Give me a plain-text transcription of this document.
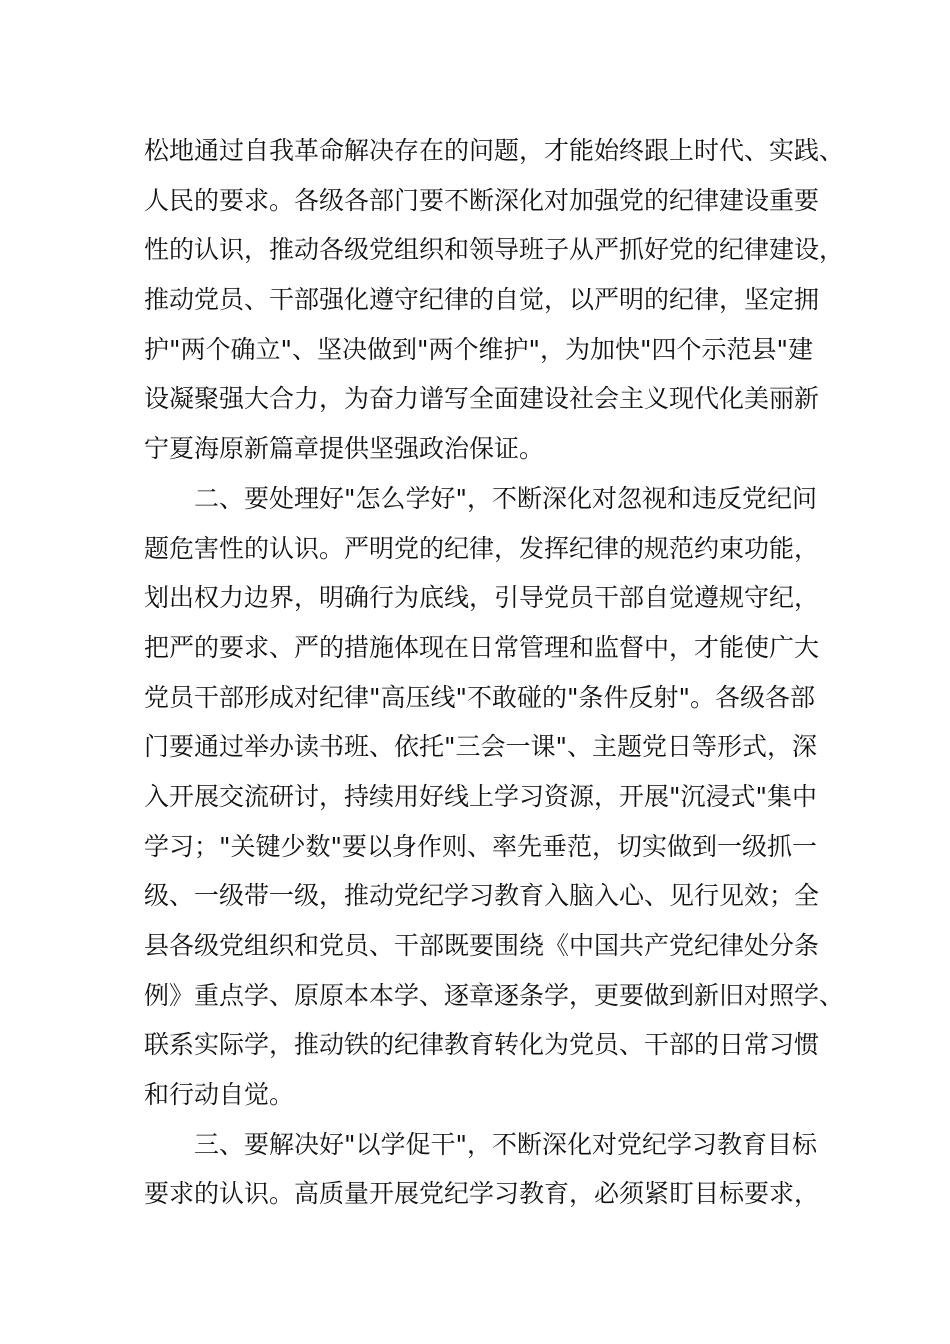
松地通过自我革命解决存在的问题，才能始终跟上时代、实践、
人民的要求。各级各部门要不断深化对加强党的纪律建设重要
性的认识，推动各级党组织和领导班子从严抓好党的纪律建设，
推动党员、干部强化遵守纪律的自觉，以严明的纪律，坚定拥
护"两个确立"、坚决做到"两个维护"，为加快"四个示范县"建
设凝聚强大合力，为奋力谱写全面建设社会主义现代化美丽新
宁夏海原新篇章提供坚强政治保证。
二、要处理好"怎么学好"，不断深化对忽视和违反党纪问
题危害性的认识。严明党的纪律，发挥纪律的规范约束功能，
划出权力边界，明确行为底线，引导党员干部自觉遵规守纪，
把严的要求、严的措施体现在日常管理和监督中，才能使广大
党员干部形成对纪律"高压线"不敢碰的"条件反射"。各级各部
门要通过举办读书班、依托"三会一课"、主题党日等形式，深
入开展交流研讨，持续用好线上学习资源，开展"沉浸式"集中
学习；"关键少数"要以身作则、率先垂范，切实做到一级抓一
级、一级带一级，推动党纪学习教育入脑入心、见行见效；全
县各级党组织和党员、干部既要围绕《中国共产党纪律处分条
例》重点学、原原本本学、逐章逐条学，更要做到新旧对照学、
联系实际学，推动铁的纪律教育转化为党员、干部的日常习惯
和行动自觉。
三、要解决好"以学促干"，不断深化对党纪学习教育目标
要求的认识。高质量开展党纪学习教育，必须紧盯目标要求，
